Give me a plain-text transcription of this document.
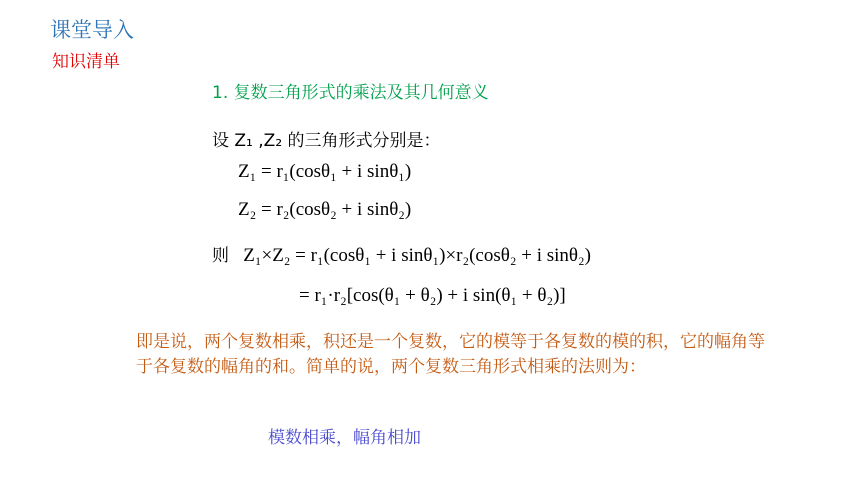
课堂导入
知识清单
1. 复数三角形式的乘法及其几何意义
设 Z₁ ,Z₂ 的三角形式分别是：
Z₁ = r₁(cosθ₁ + i sinθ₁)
Z₂ = r₂(cosθ₂ + i sinθ₂)
则 Z₁×Z₂ = r₁(cosθ₁ + i sinθ₁)×r₂(cosθ₂ + i sinθ₂)
= r₁·r₂[cos(θ₁ + θ₂) + i sin(θ₁ + θ₂)]
即是说，两个复数相乘，积还是一个复数，它的模等于各复数的模的积，它的幅角等于各复数的幅角的和。简单的说，两个复数三角形式相乘的法则为：
模数相乘，幅角相加
